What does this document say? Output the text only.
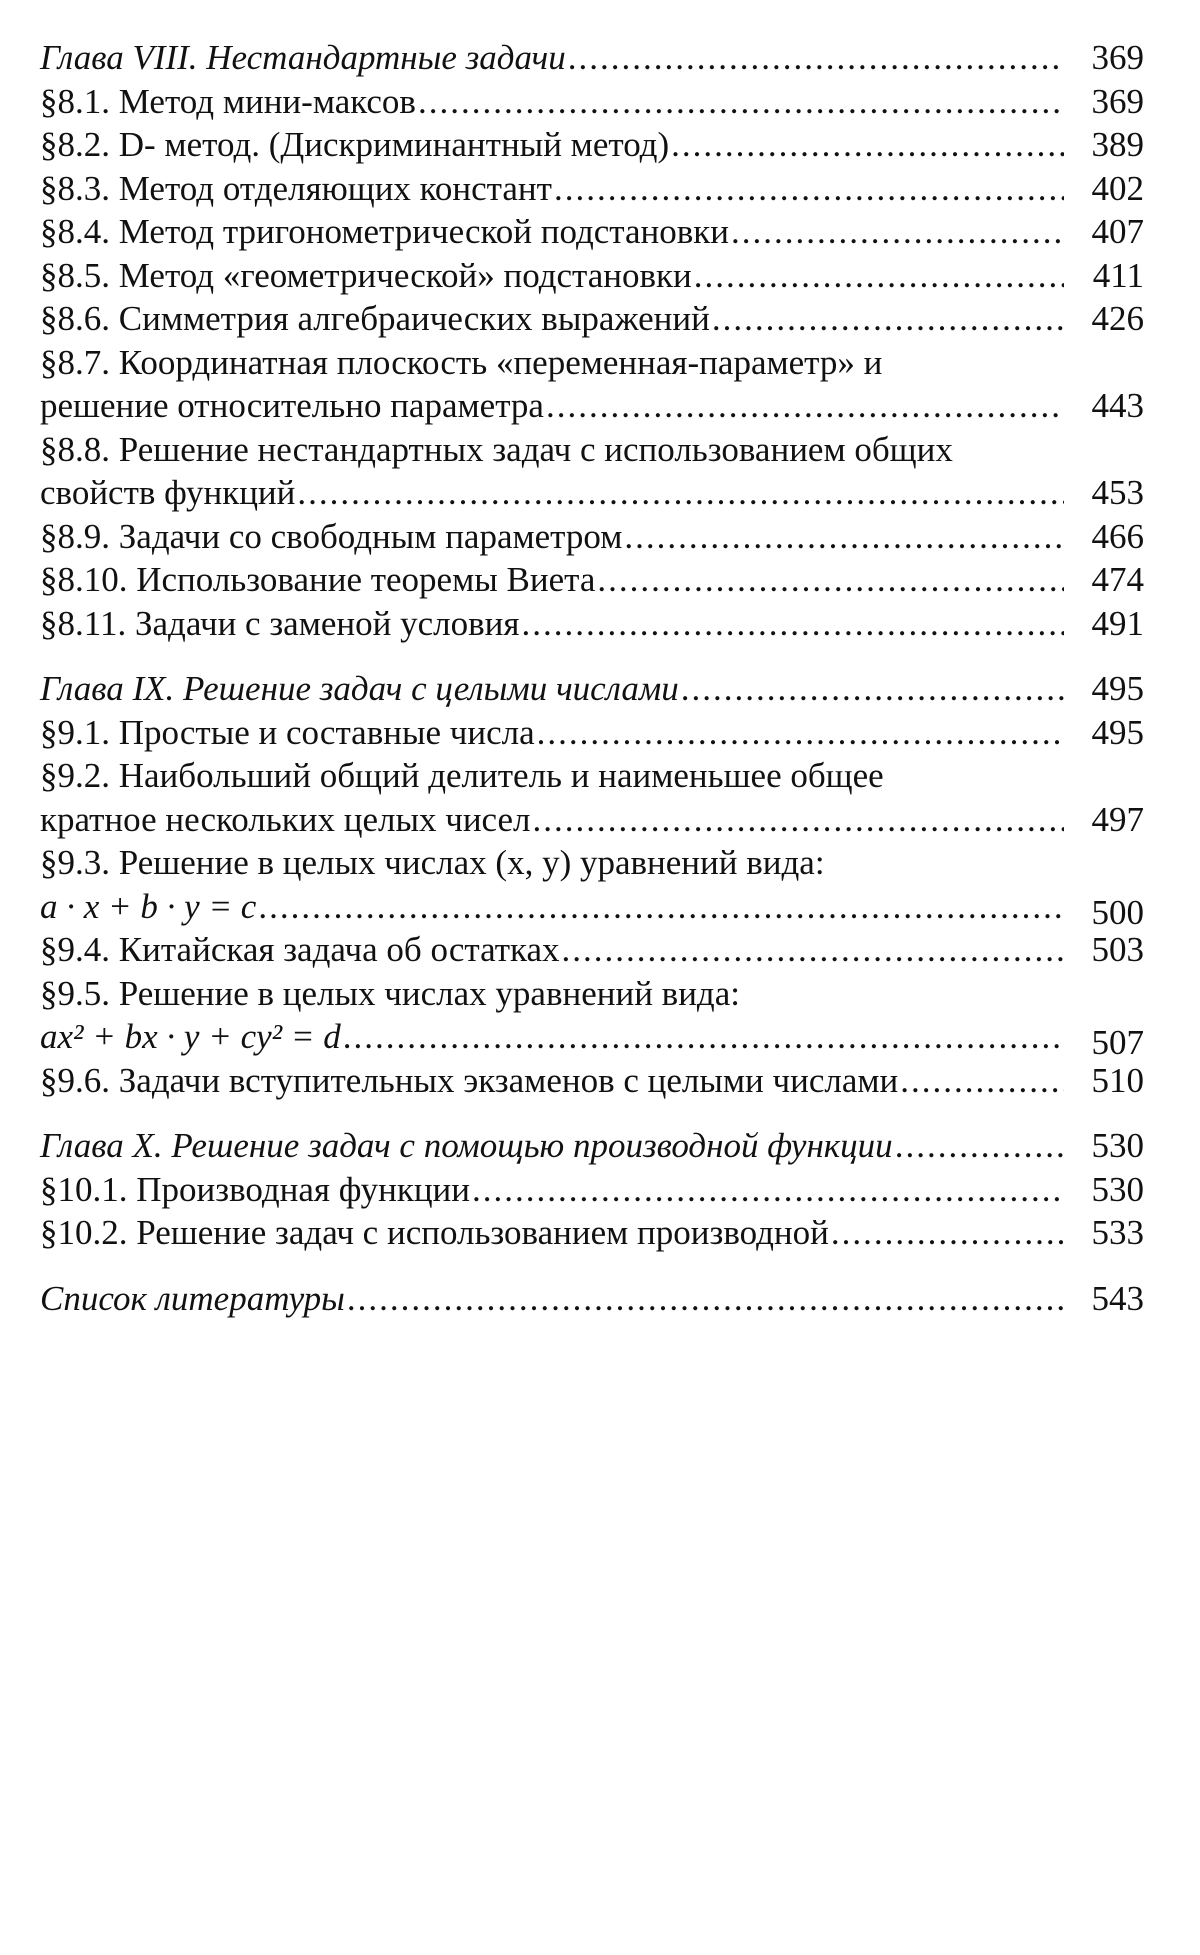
Глава VIII. Нестандартные задачи .....	369
§8.1. Метод мини-максов .....	369
§8.2. D- метод. (Дискриминантный метод) .....	389
§8.3. Метод отделяющих констант .....	402
§8.4. Метод тригонометрической подстановки .....	407
§8.5. Метод «геометрической» подстановки .....	411
§8.6. Симметрия алгебраических выражений .....	426
§8.7. Координатная плоскость «переменная-параметр» и
решение относительно параметра .....	443
§8.8. Решение нестандартных задач с использованием общих
свойств функций .....	453
§8.9. Задачи со свободным параметром .....	466
§8.10. Использование теоремы Виета .....	474
§8.11. Задачи с заменой условия .....	491
Глава IX. Решение задач с целыми числами .....	495
§9.1. Простые и составные числа .....	495
§9.2. Наибольший общий делитель и наименьшее общее
кратное нескольких целых чисел .....	497
§9.3. Решение в целых числах (x, y) уравнений вида:
a · x + b · y = c .....	500
§9.4. Китайская задача об остатках .....	503
§9.5. Решение в целых числах уравнений вида:
ax² + bx · y + cy² = d .....	507
§9.6. Задачи вступительных экзаменов с целыми числами .....	510
Глава X. Решение задач с помощью производной функции .....	530
§10.1. Производная функции .....	530
§10.2. Решение задач с использованием производной .....	533
Список литературы .....	543
